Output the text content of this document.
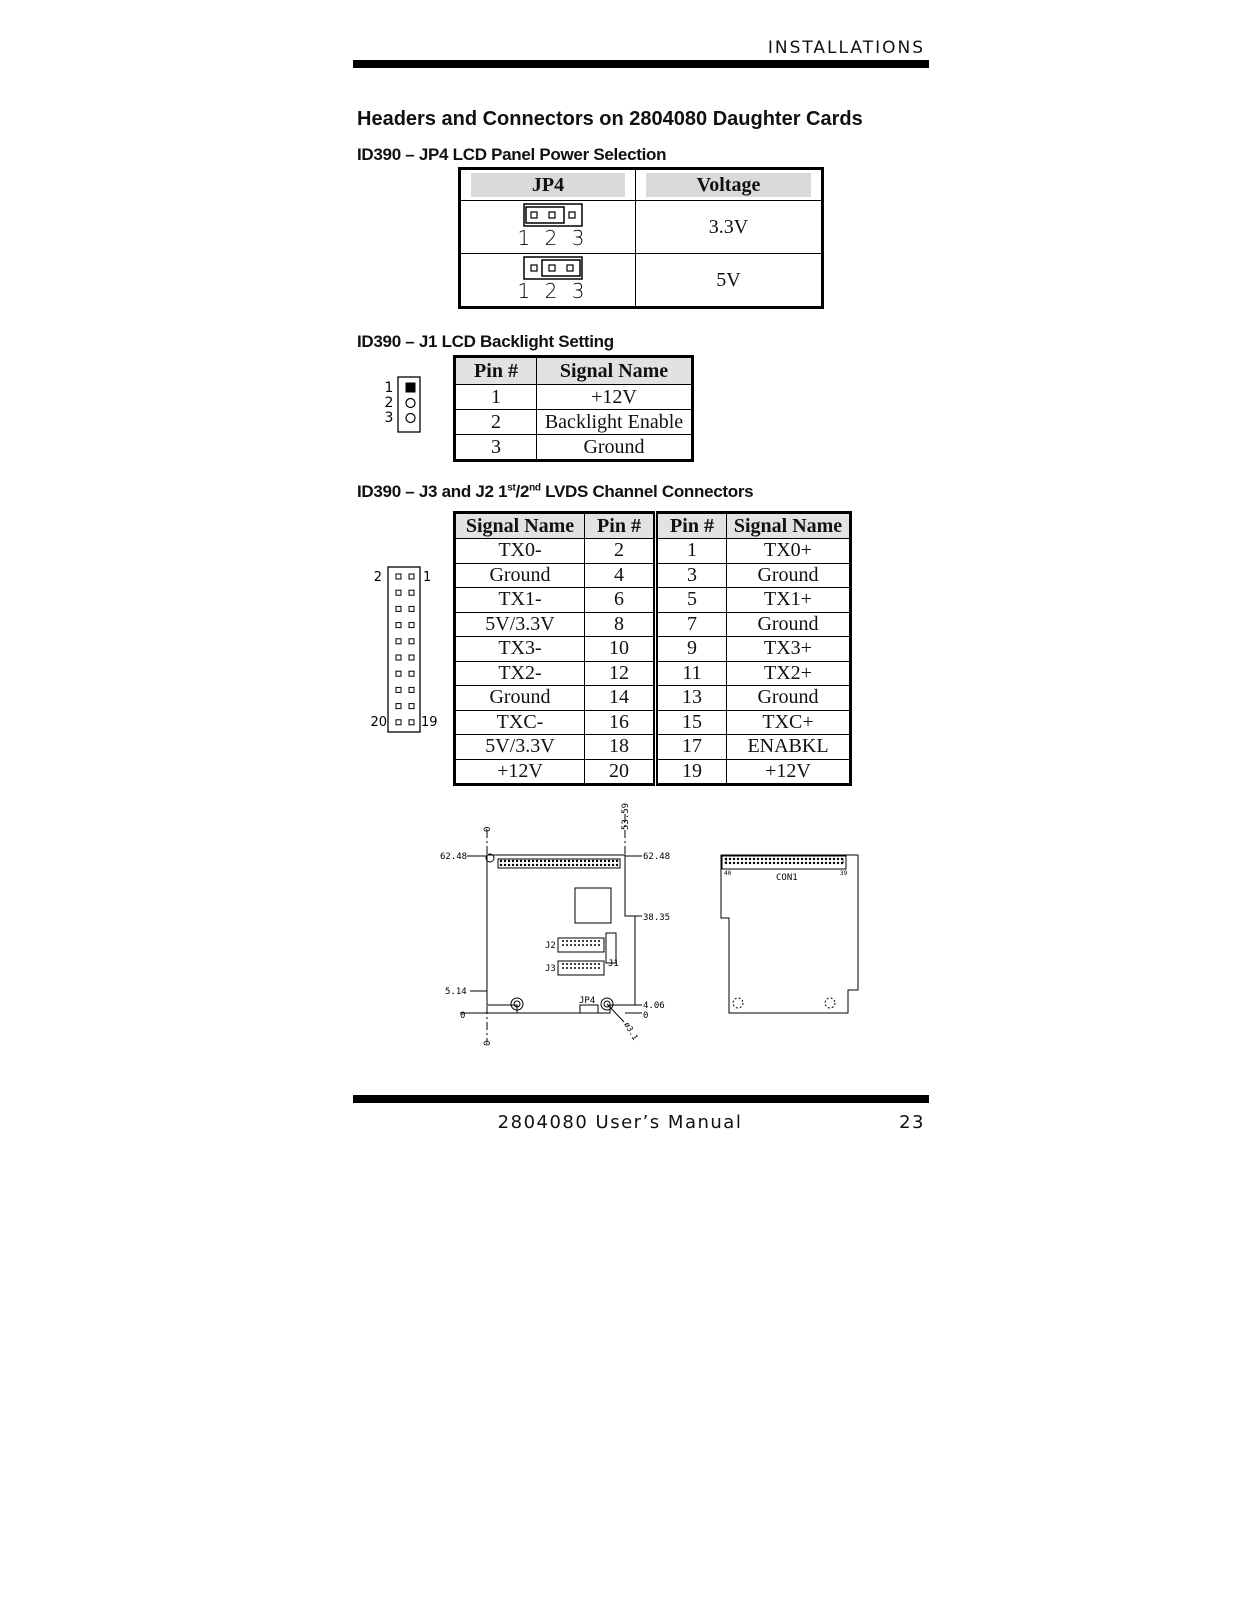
INSTALLATIONS
Headers and Connectors on 2804080 Daughter Cards
ID390 – JP4 LCD Panel Power Selection
JP4	Voltage

1 2 3	3.3V

1 2 3	5V
ID390 – J1 LCD Backlight Setting
1
2
3
Pin #	Signal Name
1	+12V
2	Backlight Enable
3	Ground
ID390 – J3 and J2 1st/2nd LVDS Channel Connectors
2	1
20	19
Signal Name	Pin #	Pin #	Signal Name
TX0-	2	1	TX0+
Ground	4	3	Ground
TX1-	6	5	TX1+
5V/3.3V	8	7	Ground
TX3-	10	9	TX3+
TX2-	12	11	TX2+
Ground	14	13	Ground
TXC-	16	15	TXC+
5V/3.3V	18	17	ENABKL
+12V	20	19	+12V
62.48	62.48
38.35
5.14
0
4.06
0
0
0
53.59
ø3.1
J2
J3	J1
JP4
CON1
2	1
40	39
2804080 User’s Manual	23
